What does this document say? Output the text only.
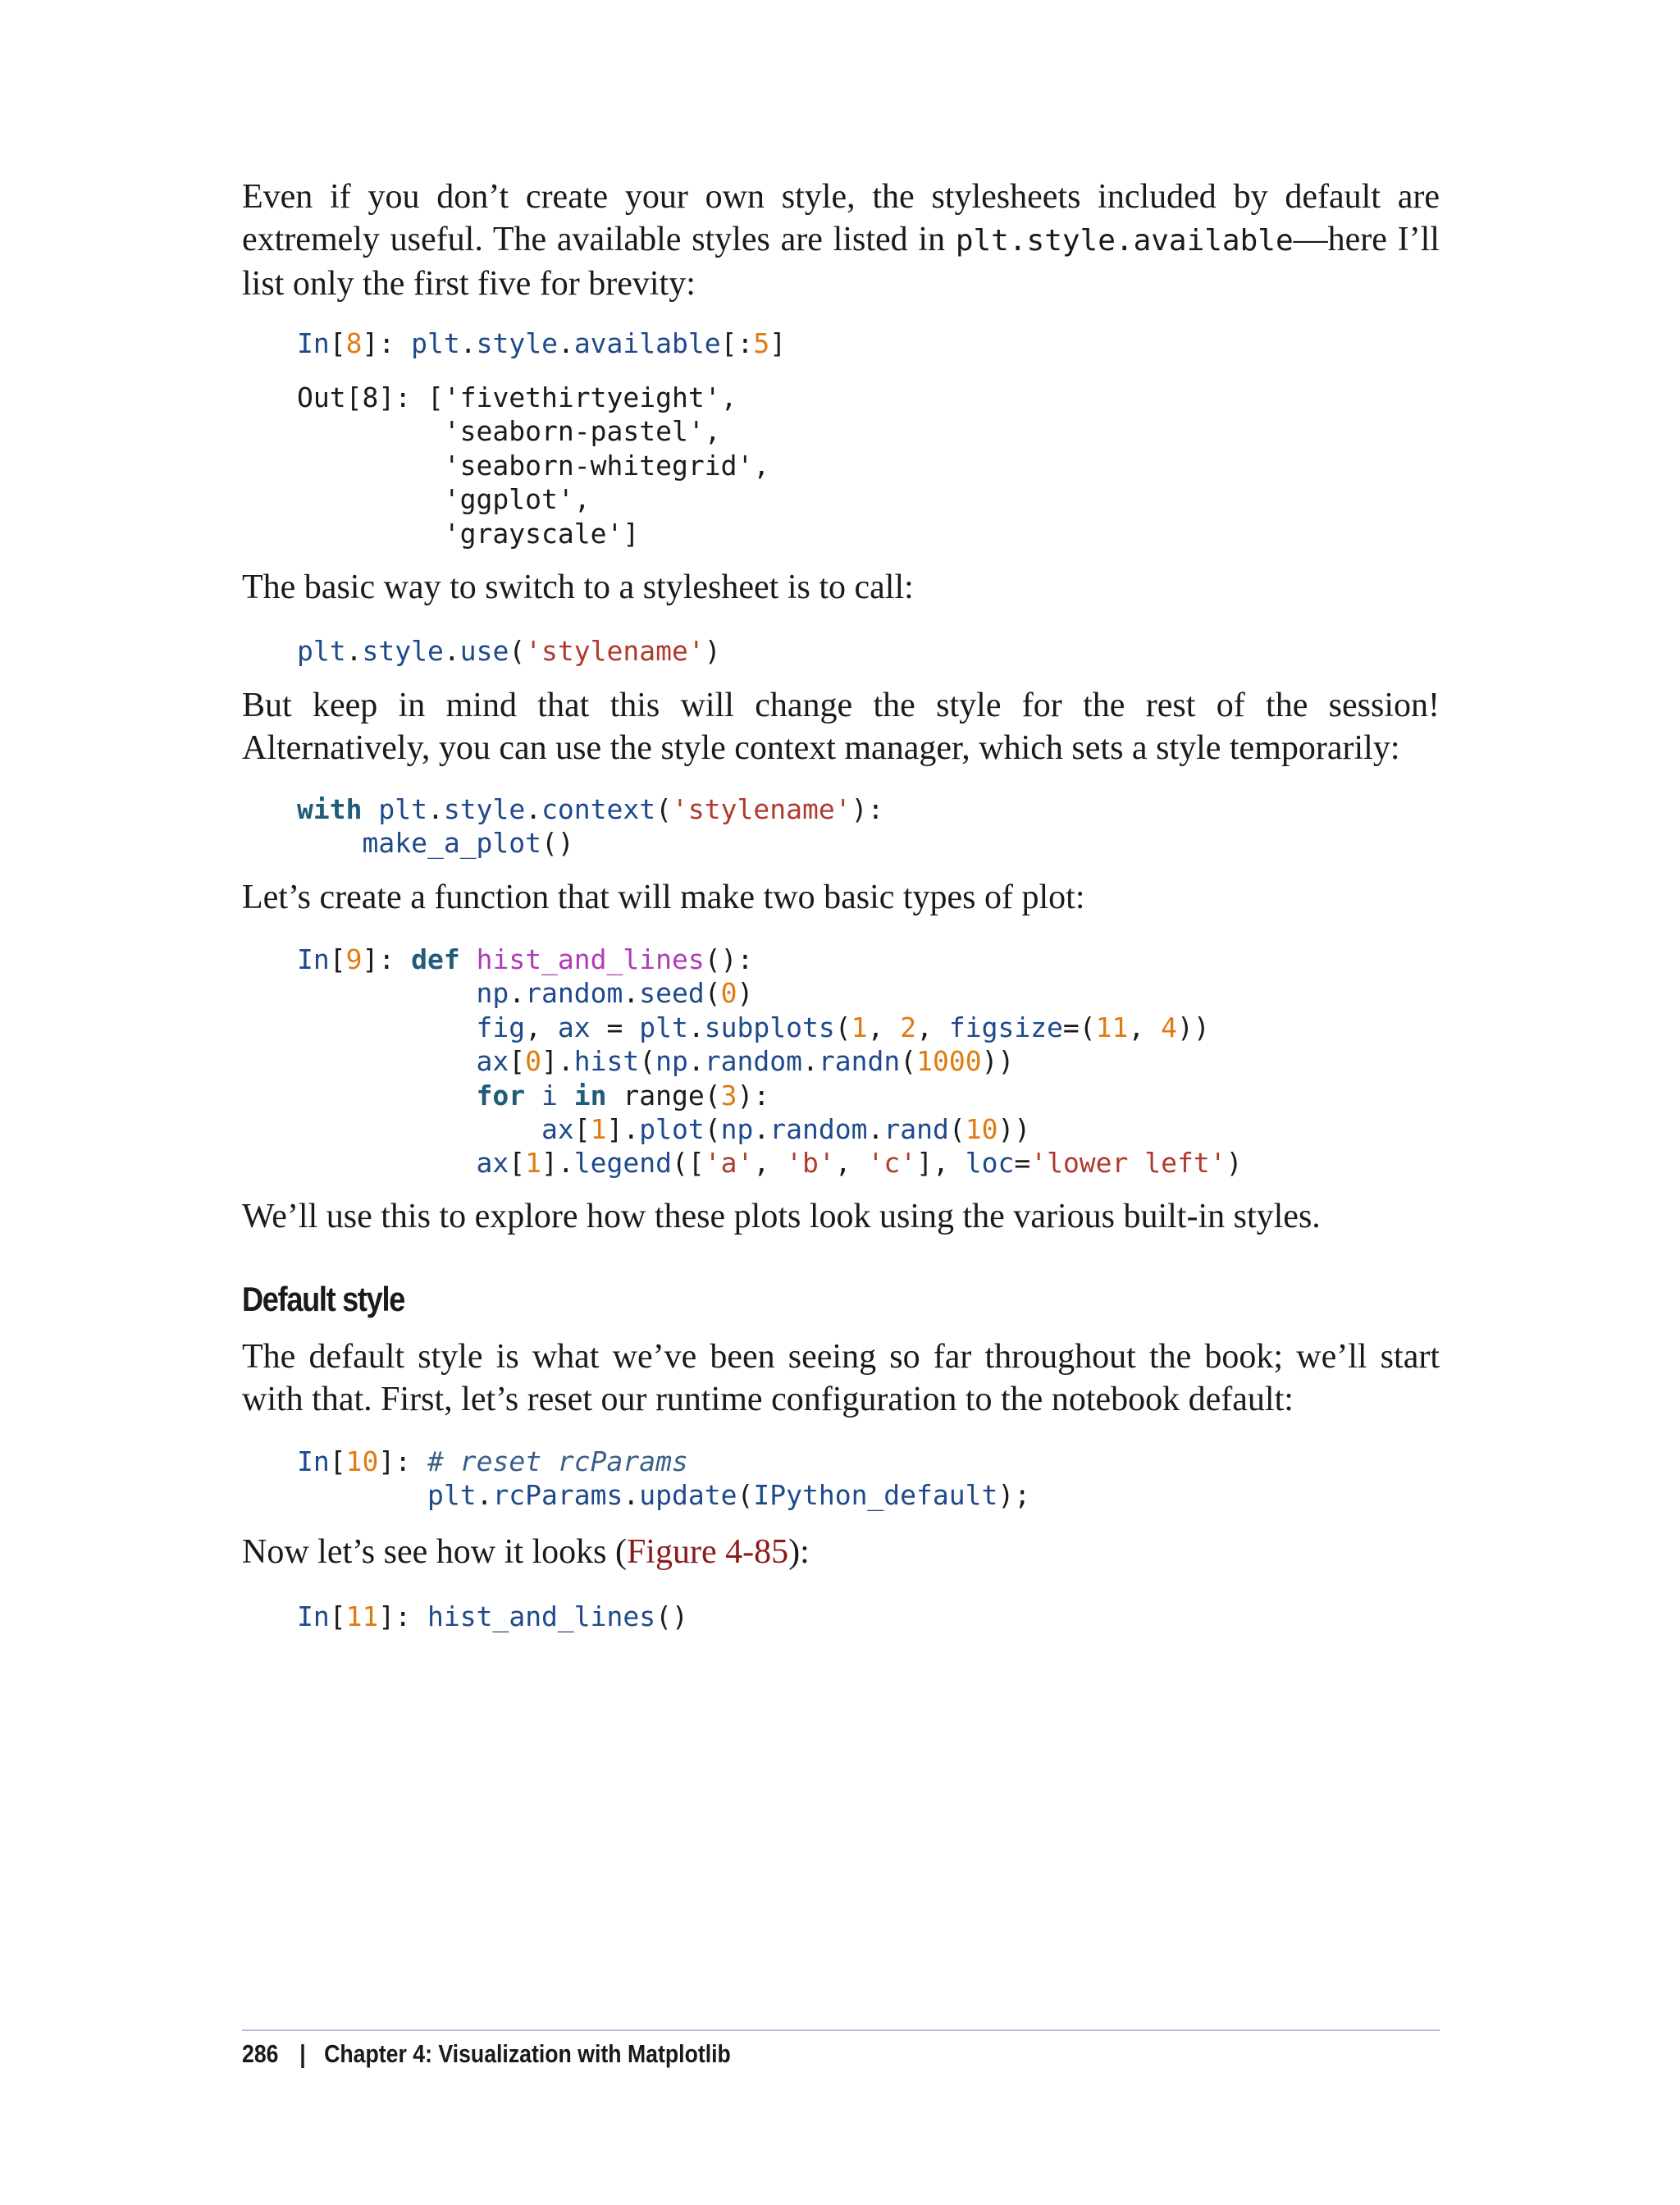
Even if you don’t create your own style, the stylesheets included by default are extremely useful. The available styles are listed in plt.style.available—here I’ll list only the first five for brevity:

In[8]: plt.style.available[:5]
Out[8]: ['fivethirtyeight',
'seaborn-pastel',
'seaborn-whitegrid',
'ggplot',
'grayscale']

The basic way to switch to a stylesheet is to call:

plt.style.use('stylename')

But keep in mind that this will change the style for the rest of the session! Alternatively, you can use the style context manager, which sets a style temporarily:

with plt.style.context('stylename'):
make_a_plot()

Let’s create a function that will make two basic types of plot:

In[9]: def hist_and_lines():
np.random.seed(0)
fig, ax = plt.subplots(1, 2, figsize=(11, 4))
ax[0].hist(np.random.randn(1000))
for i in range(3):
ax[1].plot(np.random.rand(10))
ax[1].legend(['a', 'b', 'c'], loc='lower left')

We’ll use this to explore how these plots look using the various built-in styles.

Default style

The default style is what we’ve been seeing so far throughout the book; we’ll start with that. First, let’s reset our runtime configuration to the notebook default:

In[10]: # reset rcParams
plt.rcParams.update(IPython_default);

Now let’s see how it looks (Figure 4-85):

In[11]: hist_and_lines()
286 | Chapter 4: Visualization with Matplotlib
